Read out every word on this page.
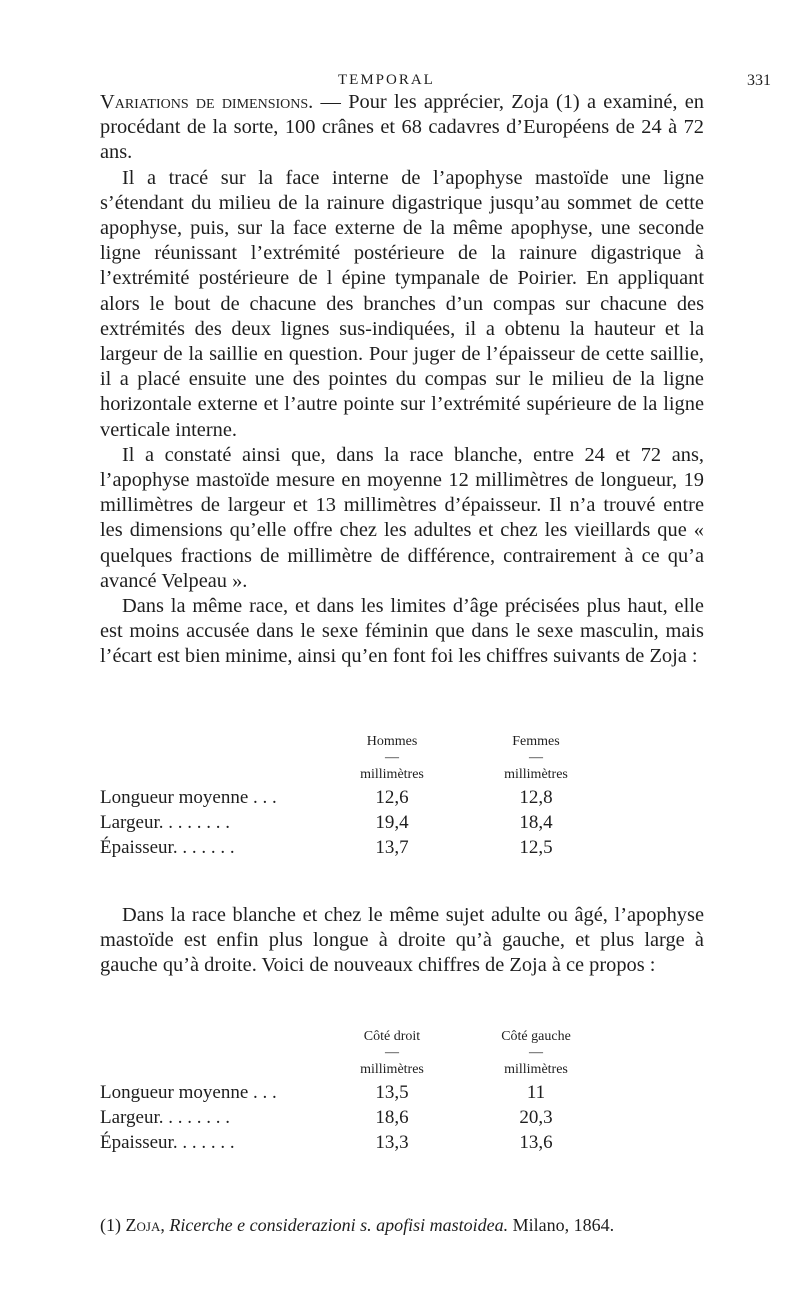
TEMPORAL	331

Variations de dimensions. — Pour les apprécier, Zoja (1) a examiné, en procédant de la sorte, 100 crânes et 68 cadavres d’Européens de 24 à 72 ans.

Il a tracé sur la face interne de l’apophyse mastoïde une ligne s’étendant du milieu de la rainure digastrique jusqu’au sommet de cette apophyse, puis, sur la face externe de la même apophyse, une seconde ligne réunissant l’extrémité postérieure de la rainure digastrique à l’extrémité postérieure de l épine tympanale de Poirier. En appliquant alors le bout de chacune des branches d’un compas sur chacune des extrémités des deux lignes sus-indiquées, il a obtenu la hauteur et la largeur de la saillie en question. Pour juger de l’épaisseur de cette saillie, il a placé ensuite une des pointes du compas sur le milieu de la ligne horizontale externe et l’autre pointe sur l’extrémité supérieure de la ligne verticale interne.

Il a constaté ainsi que, dans la race blanche, entre 24 et 72 ans, l’apophyse mastoïde mesure en moyenne 12 millimètres de longueur, 19 millimètres de largeur et 13 millimètres d’épaisseur. Il n’a trouvé entre les dimensions qu’elle offre chez les adultes et chez les vieillards que « quelques fractions de millimètre de différence, contrairement à ce qu’a avancé Velpeau ».

Dans la même race, et dans les limites d’âge précisées plus haut, elle est moins accusée dans le sexe féminin que dans le sexe masculin, mais l’écart est bien minime, ainsi qu’en font foi les chiffres suivants de Zoja :

	Hommes	Femmes
	—	—
	millimètres	millimètres
Longueur moyenne . . .	12,6	12,8
Largeur. . . . . . . .	19,4	18,4
Épaisseur. . . . . . .	13,7	12,5

Dans la race blanche et chez le même sujet adulte ou âgé, l’apophyse mastoïde est enfin plus longue à droite qu’à gauche, et plus large à gauche qu’à droite. Voici de nouveaux chiffres de Zoja à ce propos :

	Côté droit	Côté gauche
	—	—
	millimètres	millimètres
Longueur moyenne . . .	13,5	11
Largeur. . . . . . . .	18,6	20,3
Épaisseur. . . . . . .	13,3	13,6
(1) Zoja, Ricerche e considerazioni s. apofisi mastoidea. Milano, 1864.
